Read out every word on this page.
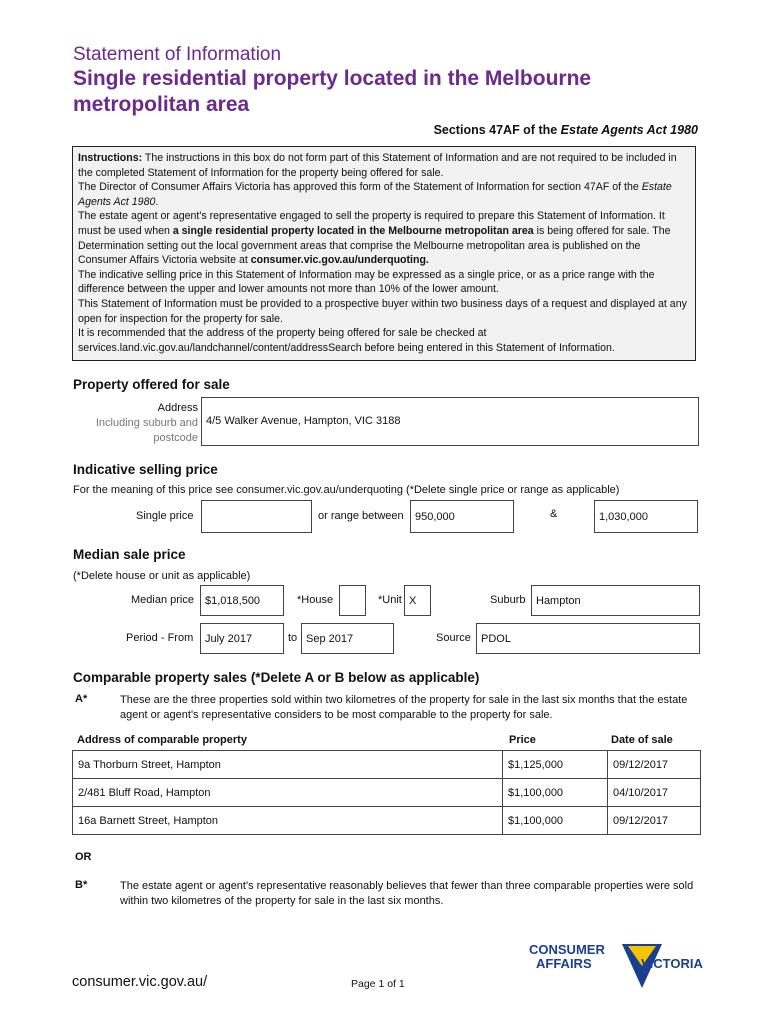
Statement of Information
Single residential property located in the Melbourne metropolitan area
Sections 47AF of the Estate Agents Act 1980

Instructions: The instructions in this box do not form part of this Statement of Information and are not required to be included in the completed Statement of Information for the property being offered for sale.

The Director of Consumer Affairs Victoria has approved this form of the Statement of Information for section 47AF of the Estate Agents Act 1980.

The estate agent or agent's representative engaged to sell the property is required to prepare this Statement of Information. It must be used when a single residential property located in the Melbourne metropolitan area is being offered for sale. The Determination setting out the local government areas that comprise the Melbourne metropolitan area is published on the Consumer Affairs Victoria website at consumer.vic.gov.au/underquoting.

The indicative selling price in this Statement of Information may be expressed as a single price, or as a price range with the difference between the upper and lower amounts not more than 10% of the lower amount.

This Statement of Information must be provided to a prospective buyer within two business days of a request and displayed at any open for inspection for the property for sale.

It is recommended that the address of the property being offered for sale be checked at services.land.vic.gov.au/landchannel/content/addressSearch before being entered in this Statement of Information.

Property offered for sale
Address
Including suburb and
postcode
4/5 Walker Avenue, Hampton, VIC 3188
Indicative selling price
For the meaning of this price see consumer.vic.gov.au/underquoting (*Delete single price or range as applicable)
Single price	or range between	950,000	&	1,030,000
Median sale price
(*Delete house or unit as applicable)
Median price	$1,018,500	*House	*Unit X	Suburb Hampton
Period - From	July 2017	to Sep 2017	Source PDOL
Comparable property sales (*Delete A or B below as applicable)
A*	These are the three properties sold within two kilometres of the property for sale in the last six months that the estate agent or agent's representative considers to be most comparable to the property for sale.
Address of comparable property	Price	Date of sale
9a Thorburn Street, Hampton	$1,125,000	09/12/2017
2/481 Bluff Road, Hampton	$1,100,000	04/10/2017
16a Barnett Street, Hampton	$1,100,000	09/12/2017
OR
B*	The estate agent or agent's representative reasonably believes that fewer than three comparable properties were sold within two kilometres of the property for sale in the last six months.
CONSUMER
AFFAIRS	VICTORIA
consumer.vic.gov.au/	Page 1 of 1
